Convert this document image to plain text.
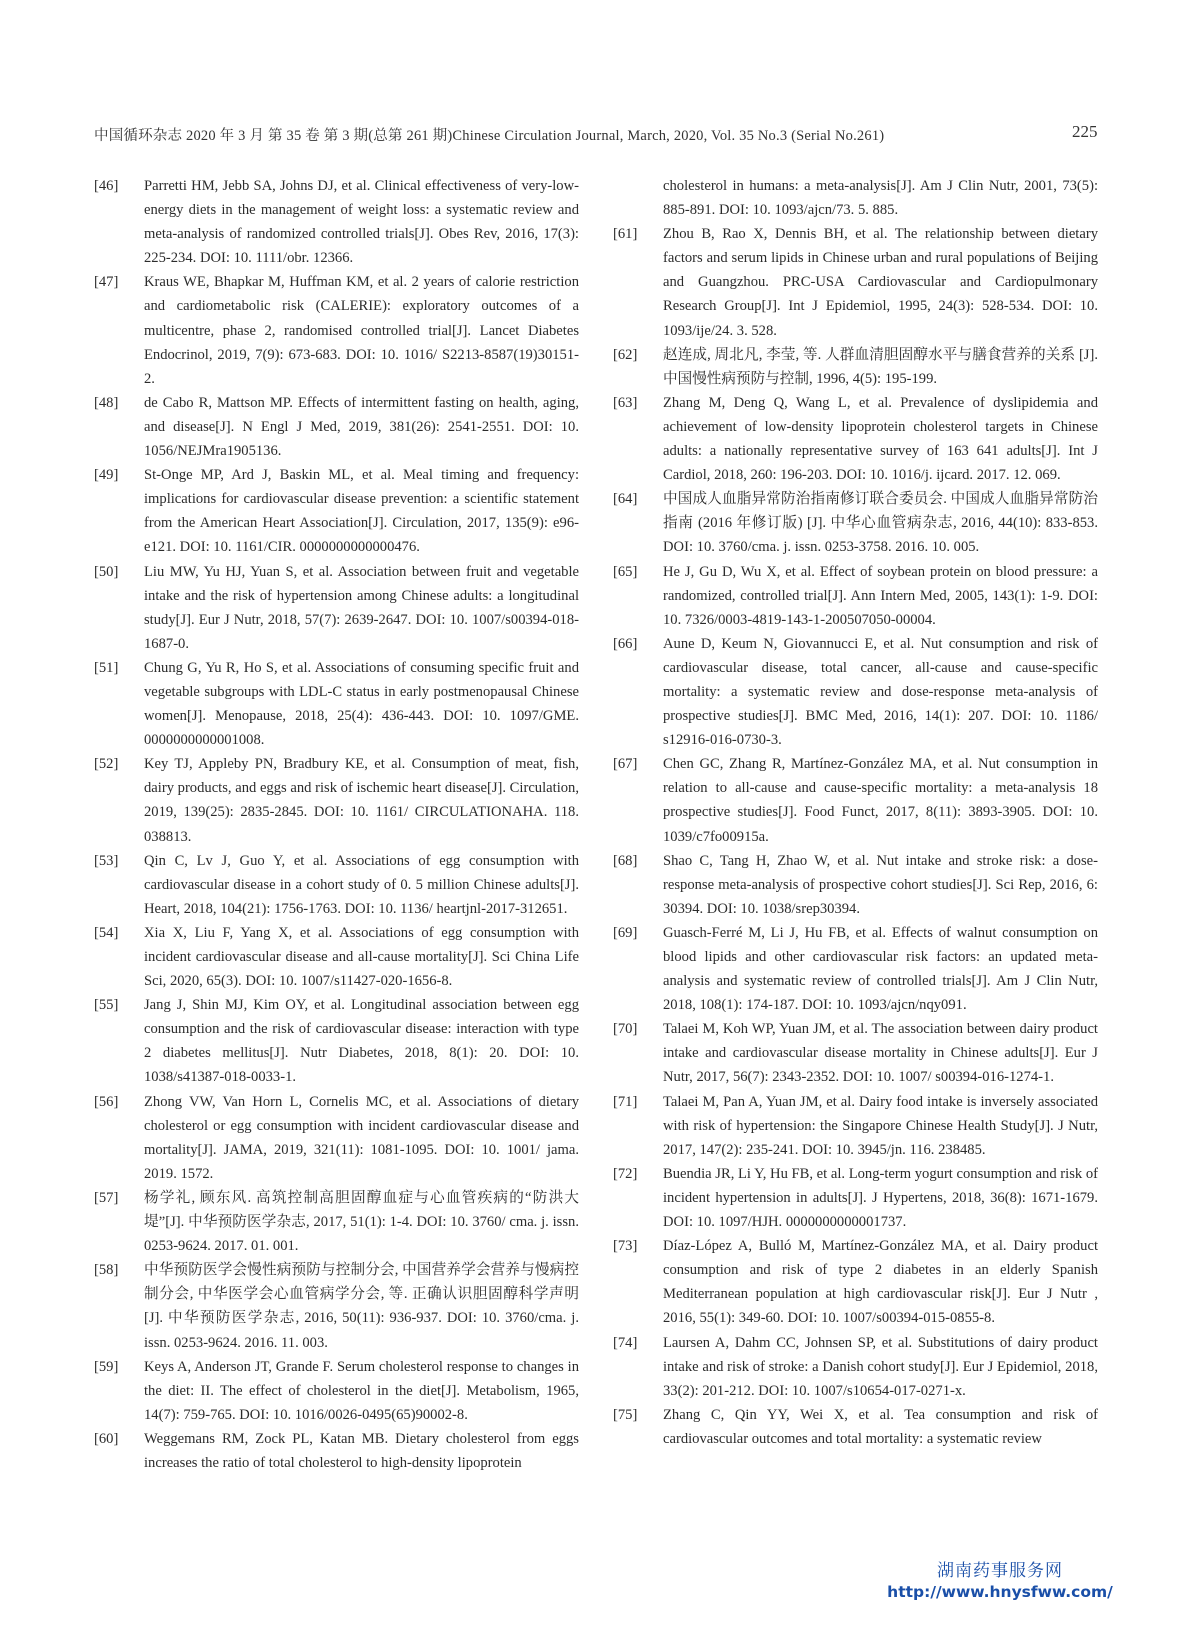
中国循环杂志 2020 年 3 月 第 35 卷 第 3 期(总第 261 期)Chinese Circulation Journal, March, 2020, Vol. 35 No.3 (Serial No.261)	225
[46]	Parretti HM, Jebb SA, Johns DJ, et al. Clinical effectiveness of very-low-energy diets in the management of weight loss: a systematic review and meta-analysis of randomized controlled trials[J]. Obes Rev, 2016, 17(3): 225-234. DOI: 10. 1111/obr. 12366.
[47]	Kraus WE, Bhapkar M, Huffman KM, et al. 2 years of calorie restriction and cardiometabolic risk (CALERIE): exploratory outcomes of a multicentre, phase 2, randomised controlled trial[J]. Lancet Diabetes Endocrinol, 2019, 7(9): 673-683. DOI: 10. 1016/ S2213-8587(19)30151-2.
[48]	de Cabo R, Mattson MP. Effects of intermittent fasting on health, aging, and disease[J]. N Engl J Med, 2019, 381(26): 2541-2551. DOI: 10. 1056/NEJMra1905136.
[49]	St-Onge MP, Ard J, Baskin ML, et al. Meal timing and frequency: implications for cardiovascular disease prevention: a scientific statement from the American Heart Association[J]. Circulation, 2017, 135(9): e96-e121. DOI: 10. 1161/CIR. 0000000000000476.
[50]	Liu MW, Yu HJ, Yuan S, et al. Association between fruit and vegetable intake and the risk of hypertension among Chinese adults: a longitudinal study[J]. Eur J Nutr, 2018, 57(7): 2639-2647. DOI: 10. 1007/s00394-018-1687-0.
[51]	Chung G, Yu R, Ho S, et al. Associations of consuming specific fruit and vegetable subgroups with LDL-C status in early postmenopausal Chinese women[J]. Menopause, 2018, 25(4): 436-443. DOI: 10. 1097/GME. 0000000000001008.
[52]	Key TJ, Appleby PN, Bradbury KE, et al. Consumption of meat, fish, dairy products, and eggs and risk of ischemic heart disease[J]. Circulation, 2019, 139(25): 2835-2845. DOI: 10. 1161/ CIRCULATIONAHA. 118. 038813.
[53]	Qin C, Lv J, Guo Y, et al. Associations of egg consumption with cardiovascular disease in a cohort study of 0. 5 million Chinese adults[J]. Heart, 2018, 104(21): 1756-1763. DOI: 10. 1136/ heartjnl-2017-312651.
[54]	Xia X, Liu F, Yang X, et al. Associations of egg consumption with incident cardiovascular disease and all-cause mortality[J]. Sci China Life Sci, 2020, 65(3). DOI: 10. 1007/s11427-020-1656-8.
[55]	Jang J, Shin MJ, Kim OY, et al. Longitudinal association between egg consumption and the risk of cardiovascular disease: interaction with type 2 diabetes mellitus[J]. Nutr Diabetes, 2018, 8(1): 20. DOI: 10. 1038/s41387-018-0033-1.
[56]	Zhong VW, Van Horn L, Cornelis MC, et al. Associations of dietary cholesterol or egg consumption with incident cardiovascular disease and mortality[J]. JAMA, 2019, 321(11): 1081-1095. DOI: 10. 1001/ jama. 2019. 1572.
[57]	杨学礼, 顾东风. 高筑控制高胆固醇血症与心血管疾病的“防洪大堤”[J]. 中华预防医学杂志, 2017, 51(1): 1-4. DOI: 10. 3760/ cma. j. issn. 0253-9624. 2017. 01. 001.
[58]	中华预防医学会慢性病预防与控制分会, 中国营养学会营养与慢病控制分会, 中华医学会心血管病学分会, 等. 正确认识胆固醇科学声明 [J]. 中华预防医学杂志, 2016, 50(11): 936-937. DOI: 10. 3760/cma. j. issn. 0253-9624. 2016. 11. 003.
[59]	Keys A, Anderson JT, Grande F. Serum cholesterol response to changes in the diet: II. The effect of cholesterol in the diet[J]. Metabolism, 1965, 14(7): 759-765. DOI: 10. 1016/0026-0495(65)90002-8.
[60]	Weggemans RM, Zock PL, Katan MB. Dietary cholesterol from eggs increases the ratio of total cholesterol to high-density lipoprotein
cholesterol in humans: a meta-analysis[J]. Am J Clin Nutr, 2001, 73(5): 885-891. DOI: 10. 1093/ajcn/73. 5. 885.
[61]	Zhou B, Rao X, Dennis BH, et al. The relationship between dietary factors and serum lipids in Chinese urban and rural populations of Beijing and Guangzhou. PRC-USA Cardiovascular and Cardiopulmonary Research Group[J]. Int J Epidemiol, 1995, 24(3): 528-534. DOI: 10. 1093/ije/24. 3. 528.
[62]	赵连成, 周北凡, 李莹, 等. 人群血清胆固醇水平与膳食营养的关系 [J]. 中国慢性病预防与控制, 1996, 4(5): 195-199.
[63]	Zhang M, Deng Q, Wang L, et al. Prevalence of dyslipidemia and achievement of low-density lipoprotein cholesterol targets in Chinese adults: a nationally representative survey of 163 641 adults[J]. Int J Cardiol, 2018, 260: 196-203. DOI: 10. 1016/j. ijcard. 2017. 12. 069.
[64]	中国成人血脂异常防治指南修订联合委员会. 中国成人血脂异常防治指南 (2016 年修订版) [J]. 中华心血管病杂志, 2016, 44(10): 833-853. DOI: 10. 3760/cma. j. issn. 0253-3758. 2016. 10. 005.
[65]	He J, Gu D, Wu X, et al. Effect of soybean protein on blood pressure: a randomized, controlled trial[J]. Ann Intern Med, 2005, 143(1): 1-9. DOI: 10. 7326/0003-4819-143-1-200507050-00004.
[66]	Aune D, Keum N, Giovannucci E, et al. Nut consumption and risk of cardiovascular disease, total cancer, all-cause and cause-specific mortality: a systematic review and dose-response meta-analysis of prospective studies[J]. BMC Med, 2016, 14(1): 207. DOI: 10. 1186/ s12916-016-0730-3.
[67]	Chen GC, Zhang R, Martínez-González MA, et al. Nut consumption in relation to all-cause and cause-specific mortality: a meta-analysis 18 prospective studies[J]. Food Funct, 2017, 8(11): 3893-3905. DOI: 10. 1039/c7fo00915a.
[68]	Shao C, Tang H, Zhao W, et al. Nut intake and stroke risk: a dose-response meta-analysis of prospective cohort studies[J]. Sci Rep, 2016, 6: 30394. DOI: 10. 1038/srep30394.
[69]	Guasch-Ferré M, Li J, Hu FB, et al. Effects of walnut consumption on blood lipids and other cardiovascular risk factors: an updated meta-analysis and systematic review of controlled trials[J]. Am J Clin Nutr, 2018, 108(1): 174-187. DOI: 10. 1093/ajcn/nqy091.
[70]	Talaei M, Koh WP, Yuan JM, et al. The association between dairy product intake and cardiovascular disease mortality in Chinese adults[J]. Eur J Nutr, 2017, 56(7): 2343-2352. DOI: 10. 1007/ s00394-016-1274-1.
[71]	Talaei M, Pan A, Yuan JM, et al. Dairy food intake is inversely associated with risk of hypertension: the Singapore Chinese Health Study[J]. J Nutr, 2017, 147(2): 235-241. DOI: 10. 3945/jn. 116. 238485.
[72]	Buendia JR, Li Y, Hu FB, et al. Long-term yogurt consumption and risk of incident hypertension in adults[J]. J Hypertens, 2018, 36(8): 1671-1679. DOI: 10. 1097/HJH. 0000000000001737.
[73]	Díaz-López A, Bulló M, Martínez-González MA, et al. Dairy product consumption and risk of type 2 diabetes in an elderly Spanish Mediterranean population at high cardiovascular risk[J]. Eur J Nutr , 2016, 55(1): 349-60. DOI: 10. 1007/s00394-015-0855-8.
[74]	Laursen A, Dahm CC, Johnsen SP, et al. Substitutions of dairy product intake and risk of stroke: a Danish cohort study[J]. Eur J Epidemiol, 2018, 33(2): 201-212. DOI: 10. 1007/s10654-017-0271-x.
[75]	Zhang C, Qin YY, Wei X, et al. Tea consumption and risk of cardiovascular outcomes and total mortality: a systematic review
湖南药事服务网
http://www.hnysfww.com/
